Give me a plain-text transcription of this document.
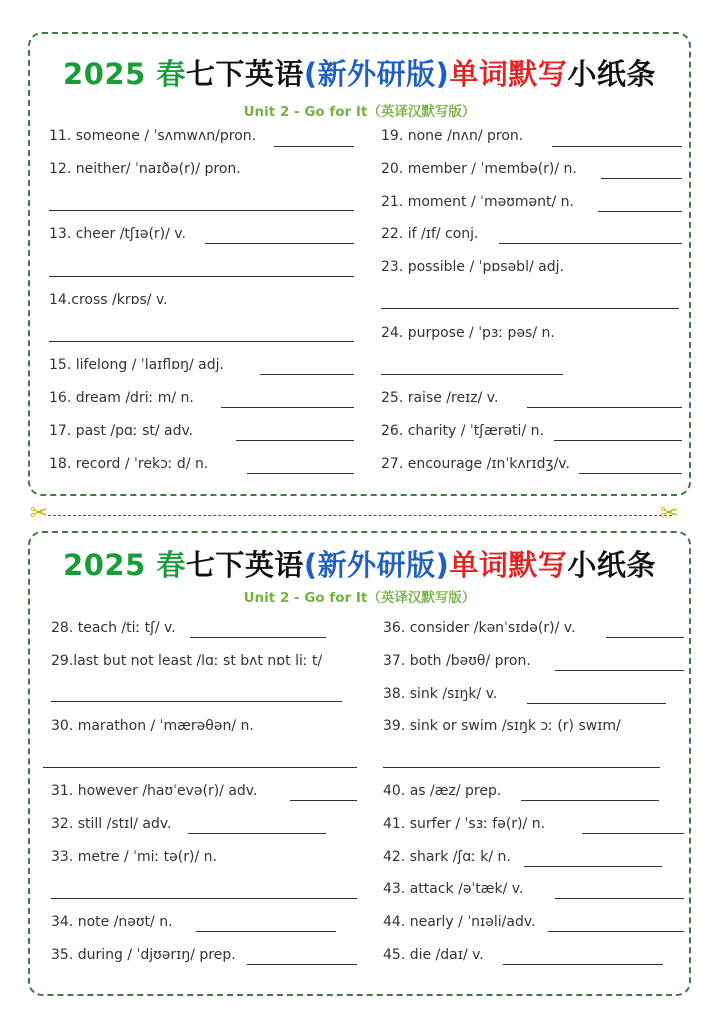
2025 春七下英语(新外研版)单词默写小纸条
Unit 2 - Go for It（英译汉默写版）
11. someone / ˈsʌmwʌn/pron.
12. neither/ ˈnaɪðə(r)/ pron.
13. cheer /tʃɪə(r)/ v.
14.cross /krɒs/ v.
15. lifelong / ˈlaɪflɒŋ/ adj.
16. dream /driː m/ n.
17. past /pɑː st/ adv.
18. record / ˈrekɔː d/ n.
19. none /nʌn/ pron.
20. member / ˈmembə(r)/ n.
21. moment / ˈməʊmənt/ n.
22. if /ɪf/ conj.
23. possible / ˈpɒsəbl/ adj.
24. purpose / ˈpɜː pəs/ n.
25. raise /reɪz/ v.
26. charity / ˈtʃærəti/ n.
27. encourage /ɪnˈkʌrɪdʒ/v.
✂	✂
2025 春七下英语(新外研版)单词默写小纸条
Unit 2 - Go for It（英译汉默写版）
28. teach /tiː tʃ/ v.
29.last but not least /lɑː st bʌt nɒt liː t/
30. marathon / ˈmærəθən/ n.
31. however /haʊˈevə(r)/ adv.
32. still /stɪl/ adv.
33. metre / ˈmiː tə(r)/ n.
34. note /nəʊt/ n.
35. during / ˈdjʊərɪŋ/ prep.
36. consider /kənˈsɪdə(r)/ v.
37. both /bəʊθ/ pron.
38. sink /sɪŋk/ v.
39. sink or swim /sɪŋk ɔː (r) swɪm/
40. as /æz/ prep.
41. surfer / ˈsɜː fə(r)/ n.
42. shark /ʃɑː k/ n.
43. attack /əˈtæk/ v.
44. nearly / ˈnɪəli/adv.
45. die /daɪ/ v.
